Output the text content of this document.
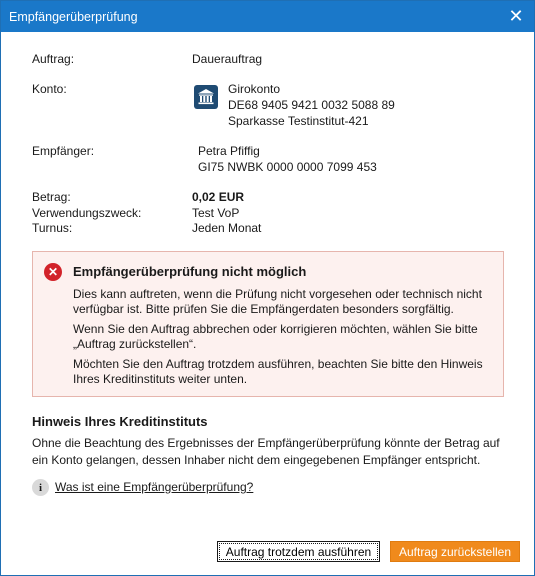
Empfängerüberprüfung	✕
Auftrag:	Dauerauftrag
Konto:	Girokonto
DE68 9405 9421 0032 5088 89
Sparkasse Testinstitut-421
Empfänger:	Petra Pfiffig
GI75 NWBK 0000 0000 7099 453
Betrag:	0,02 EUR
Verwendungszweck:	Test VoP
Turnus:	Jeden Monat
✕	Empfängerüberprüfung nicht möglich

Dies kann auftreten, wenn die Prüfung nicht vorgesehen oder technisch nicht verfügbar ist. Bitte prüfen Sie die Empfängerdaten besonders sorgfältig.

Wenn Sie den Auftrag abbrechen oder korrigieren möchten, wählen Sie bitte „Auftrag zurückstellen“.

Möchten Sie den Auftrag trotzdem ausführen, beachten Sie bitte den Hinweis Ihres Kreditinstituts weiter unten.

Hinweis Ihres Kreditinstituts

Ohne die Beachtung des Ergebnisses der Empfängerüberprüfung könnte der Betrag auf ein Konto gelangen, dessen Inhaber nicht dem eingegebenen Empfänger entspricht.

i	Was ist eine Empfängerüberprüfung?
Auftrag trotzdem ausführen	Auftrag zurückstellen
